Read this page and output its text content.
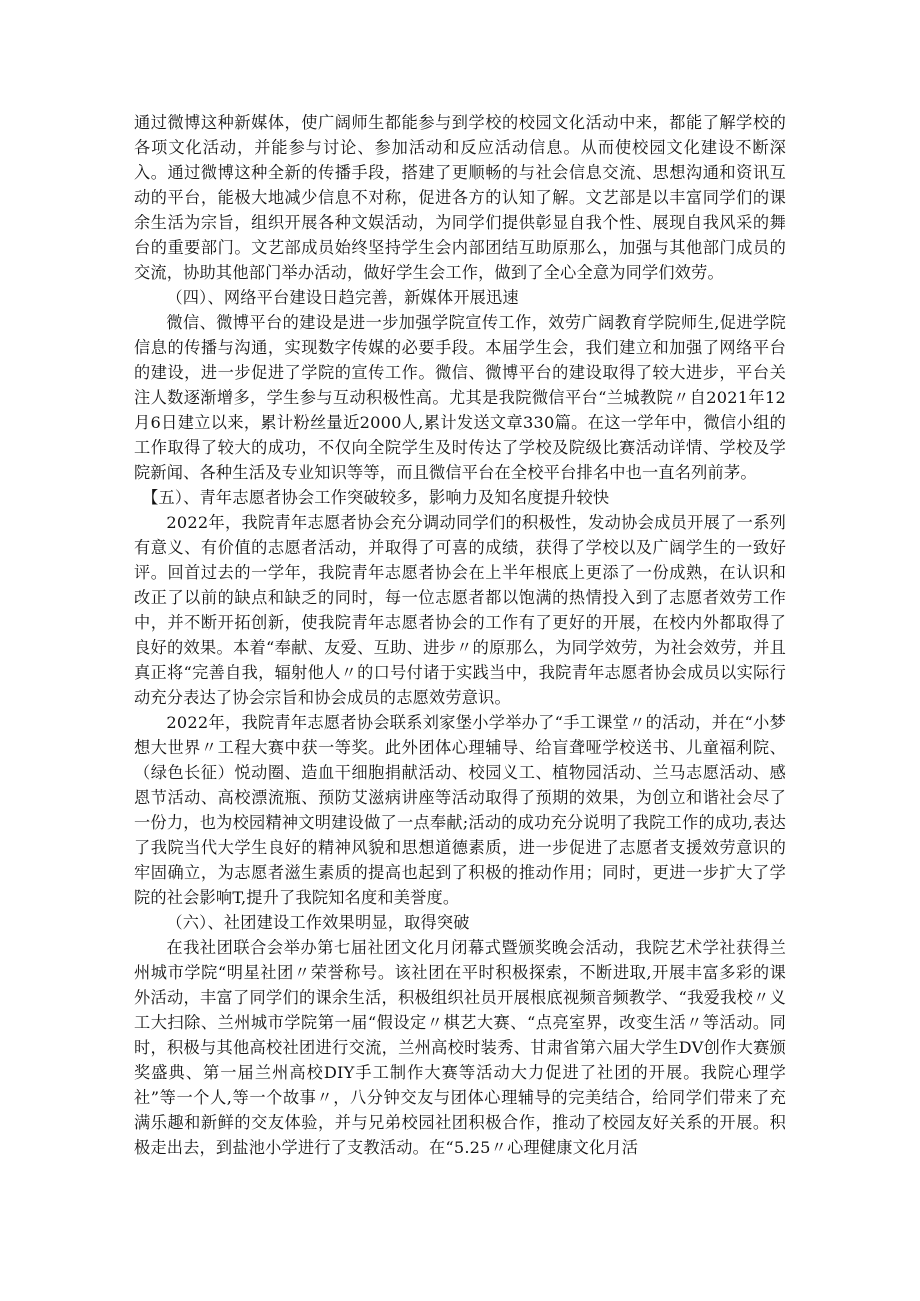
通过微博这种新媒体，使广阔师生都能参与到学校的校园文化活动中来，都能了解学校的各项文化活动，并能参与讨论、参加活动和反应活动信息。从而使校园文化建设不断深入。通过微博这种全新的传播手段，搭建了更顺畅的与社会信息交流、思想沟通和资讯互动的平台，能极大地减少信息不对称，促进各方的认知了解。文艺部是以丰富同学们的课余生活为宗旨，组织开展各种文娱活动，为同学们提供彰显自我个性、展现自我风采的舞台的重要部门。文艺部成员始终坚持学生会内部团结互助原那么，加强与其他部门成员的交流，协助其他部门举办活动，做好学生会工作，做到了全心全意为同学们效劳。

（四）、网络平台建设日趋完善，新媒体开展迅速

微信、微博平台的建设是进一步加强学院宣传工作，效劳广阔教育学院师生,促进学院信息的传播与沟通，实现数字传媒的必要手段。本届学生会，我们建立和加强了网络平台的建设，进一步促进了学院的宣传工作。微信、微博平台的建设取得了较大进步，平台关注人数逐渐增多，学生参与互动积极性高。尤其是我院微信平台“兰城教院〃自2021年12月6日建立以来，累计粉丝量近2000人,累计发送文章330篇。在这一学年中，微信小组的工作取得了较大的成功，不仅向全院学生及时传达了学校及院级比赛活动详情、学校及学院新闻、各种生活及专业知识等等，而且微信平台在全校平台排名中也一直名列前茅。

【五）、青年志愿者协会工作突破较多，影响力及知名度提升较快

2022年，我院青年志愿者协会充分调动同学们的积极性，发动协会成员开展了一系列有意义、有价值的志愿者活动，并取得了可喜的成绩，获得了学校以及广阔学生的一致好评。回首过去的一学年，我院青年志愿者协会在上半年根底上更添了一份成熟，在认识和改正了以前的缺点和缺乏的同时，每一位志愿者都以饱满的热情投入到了志愿者效劳工作中，并不断开拓创新，使我院青年志愿者协会的工作有了更好的开展，在校内外都取得了良好的效果。本着“奉献、友爱、互助、进步〃的原那么，为同学效劳，为社会效劳，并且真正将“完善自我，辐射他人〃的口号付诸于实践当中，我院青年志愿者协会成员以实际行动充分表达了协会宗旨和协会成员的志愿效劳意识。

2022年，我院青年志愿者协会联系刘家堡小学举办了“手工课堂〃的活动，并在“小梦想大世界〃工程大赛中获一等奖。此外团体心理辅导、给盲聋哑学校送书、儿童福利院、（绿色长征）悦动圈、造血干细胞捐献活动、校园义工、植物园活动、兰马志愿活动、感恩节活动、高校漂流瓶、预防艾滋病讲座等活动取得了预期的效果，为创立和谐社会尽了一份力，也为校园精神文明建设做了一点奉献;活动的成功充分说明了我院工作的成功,表达了我院当代大学生良好的精神风貌和思想道德素质，进一步促进了志愿者支援效劳意识的牢固确立，为志愿者滋生素质的提高也起到了积极的推动作用；同时，更进一步扩大了学院的社会影响T,提升了我院知名度和美誉度。

（六）、社团建设工作效果明显，取得突破

在我社团联合会举办第七届社团文化月闭幕式暨颁奖晚会活动，我院艺术学社获得兰州城市学院“明星社团〃荣誉称号。该社团在平时积极探索，不断进取,开展丰富多彩的课外活动，丰富了同学们的课余生活，积极组织社员开展根底视频音频教学、“我爱我校〃义工大扫除、兰州城市学院第一届“假设定〃棋艺大赛、“点亮室界，改变生活〃等活动。同时，积极与其他高校社团进行交流，兰州高校时装秀、甘肃省第六届大学生DV创作大赛颁奖盛典、第一届兰州高校DIY手工制作大赛等活动大力促进了社团的开展。我院心理学社”等一个人,等一个故事〃，八分钟交友与团体心理辅导的完美结合，给同学们带来了充满乐趣和新鲜的交友体验，并与兄弟校园社团积极合作，推动了校园友好关系的开展。积极走出去，到盐池小学进行了支教活动。在“5.25〃心理健康文化月活
